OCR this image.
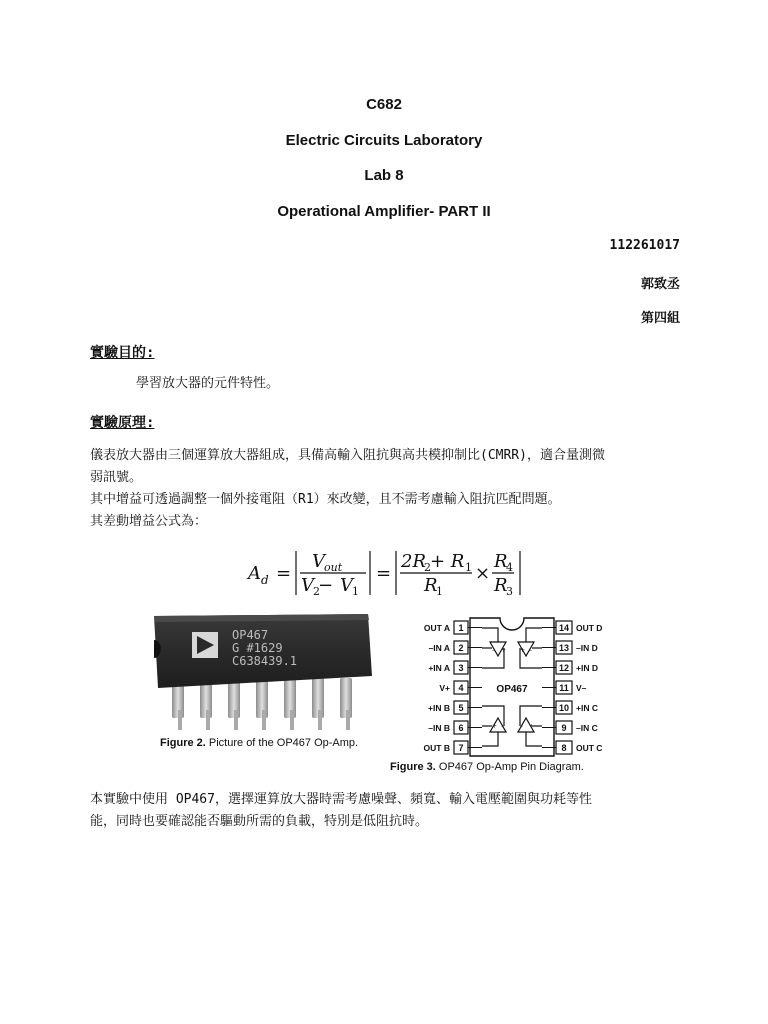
C682
Electric Circuits Laboratory
Lab 8
Operational Amplifier- PART II
112261017
郭致丞
第四組
實驗目的:
學習放大器的元件特性。
實驗原理:
儀表放大器由三個運算放大器組成，具備高輸入阻抗與高共模抑制比(CMRR)，適合量測微
弱訊號。
其中增益可透過調整一個外接電阻（R1）來改變，且不需考慮輸入阻抗匹配問題。
其差動增益公式為：
A d =
V out
V 2
− V 1
=
2R
2 + R 1
R
1
×
R
4
R
3
OP467
G #1629
C638439.1
Figure 2. Picture of the OP467 Op-Amp.
1
OUT A
2
–IN A
3
+IN A
4
V+
5
+IN B
6
–IN B
7
OUT B
14 OUT D
13 –IN D
12 +IN D
11 V–
10 +IN C
9 –IN C
8 OUT C
– + + –
+ –	– +
OP467
Figure 3. OP467 Op-Amp Pin Diagram.
本實驗中使用 OP467，選擇運算放大器時需考慮噪聲、頻寬、輸入電壓範圍與功耗等性
能，同時也要確認能否驅動所需的負載，特別是低阻抗時。
